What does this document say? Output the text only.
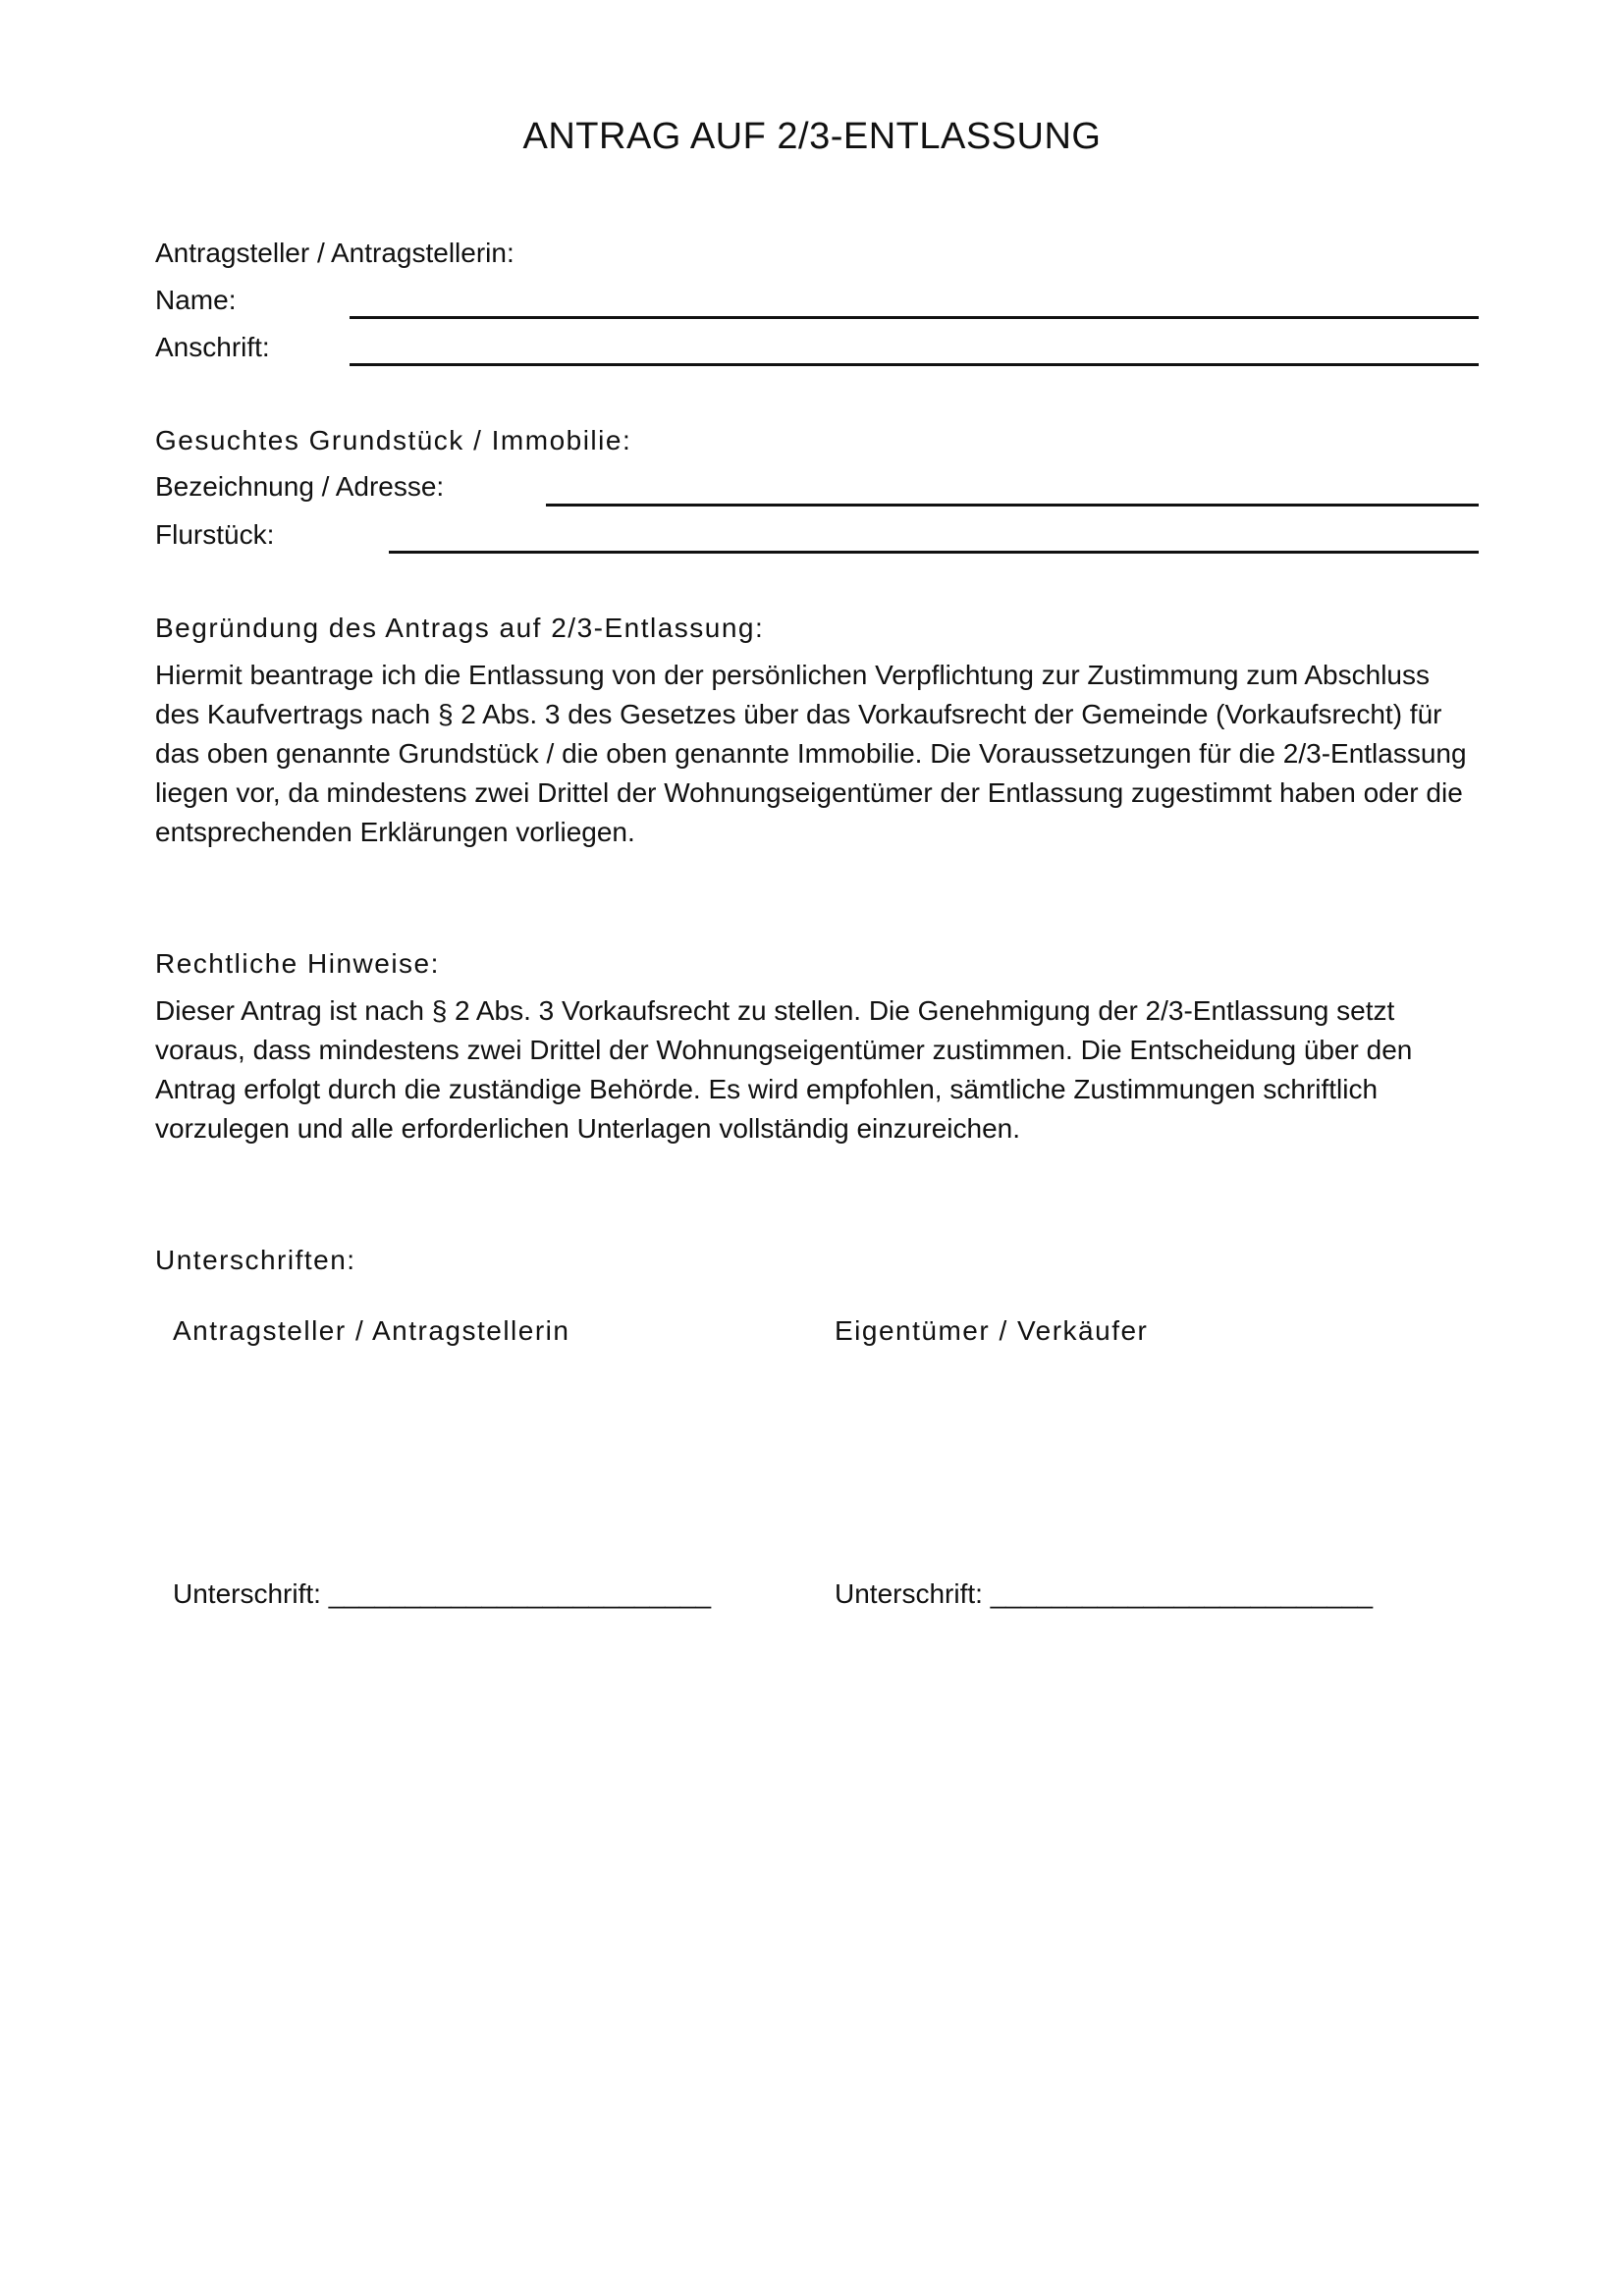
ANTRAG AUF 2/3-ENTLASSUNG
Antragsteller / Antragstellerin:
Name:
Anschrift:
Gesuchtes Grundstück / Immobilie:
Bezeichnung / Adresse:
Flurstück:
Begründung des Antrags auf 2/3-Entlassung:
Hiermit beantrage ich die Entlassung von der persönlichen Verpflichtung zur Zustimmung zum Abschluss
des Kaufvertrags nach § 2 Abs. 3 des Gesetzes über das Vorkaufsrecht der Gemeinde (Vorkaufsrecht) für
das oben genannte Grundstück / die oben genannte Immobilie. Die Voraussetzungen für die 2/3-Entlassung
liegen vor, da mindestens zwei Drittel der Wohnungseigentümer der Entlassung zugestimmt haben oder die
entsprechenden Erklärungen vorliegen.
Rechtliche Hinweise:
Dieser Antrag ist nach § 2 Abs. 3 Vorkaufsrecht zu stellen. Die Genehmigung der 2/3-Entlassung setzt
voraus, dass mindestens zwei Drittel der Wohnungseigentümer zustimmen. Die Entscheidung über den
Antrag erfolgt durch die zuständige Behörde. Es wird empfohlen, sämtliche Zustimmungen schriftlich
vorzulegen und alle erforderlichen Unterlagen vollständig einzureichen.
Unterschriften:
Antragsteller / Antragstellerin	Eigentümer / Verkäufer
Unterschrift: _________________________	Unterschrift: _________________________
